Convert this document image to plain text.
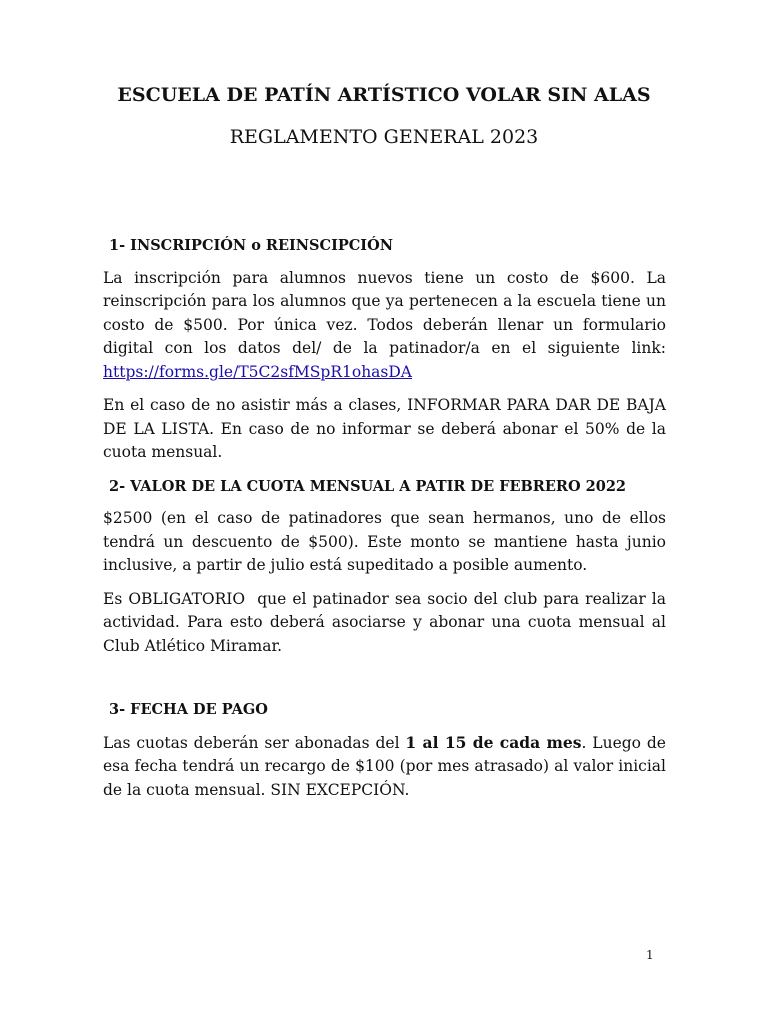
ESCUELA DE PATÍN ARTÍSTICO VOLAR SIN ALAS
REGLAMENTO GENERAL 2023
1- INSCRIPCIÓN o REINSCIPCIÓN

La inscripción para alumnos nuevos tiene un costo de $600. La reinscripción para los alumnos que ya pertenecen a la escuela tiene un costo de $500. Por única vez. Todos deberán llenar un formulario digital con los datos del/ de la patinador/a en el siguiente link: https://forms.gle/T5C2sfMSpR1ohasDA

En el caso de no asistir más a clases, INFORMAR PARA DAR DE BAJA DE LA LISTA. En caso de no informar se deberá abonar el 50% de la cuota mensual.

2- VALOR DE LA CUOTA MENSUAL A PATIR DE FEBRERO 2022

$2500 (en el caso de patinadores que sean hermanos, uno de ellos tendrá un descuento de $500). Este monto se mantiene hasta junio inclusive, a partir de julio está supeditado a posible aumento.

Es OBLIGATORIO  que el patinador sea socio del club para realizar la actividad. Para esto deberá asociarse y abonar una cuota mensual al Club Atlético Miramar.

3- FECHA DE PAGO

Las cuotas deberán ser abonadas del 1 al 15 de cada mes. Luego de esa fecha tendrá un recargo de $100 (por mes atrasado) al valor inicial de la cuota mensual. SIN EXCEPCIÓN.

1
